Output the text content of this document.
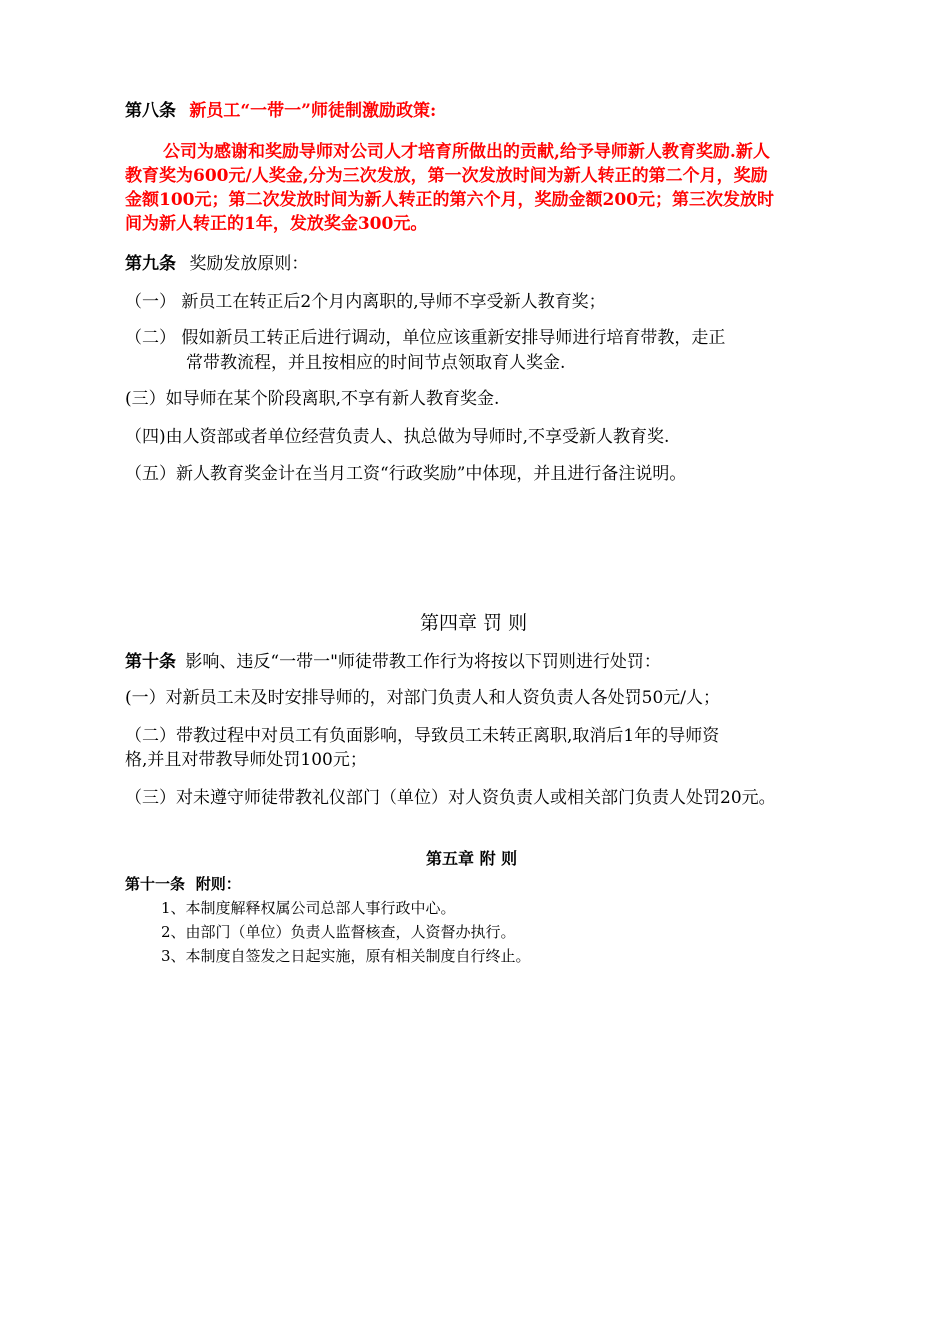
第八条 新员工“一带一”师徒制激励政策:
公司为感谢和奖励导师对公司人才培育所做出的贡献,给予导师新人教育奖励.新人
教育奖为600元/人奖金,分为三次发放，第一次发放时间为新人转正的第二个月，奖励
金额100元；第二次发放时间为新人转正的第六个月，奖励金额200元；第三次发放时
间为新人转正的1年，发放奖金300元。
第九条 奖励发放原则：
（一） 新员工在转正后2个月内离职的,导师不享受新人教育奖；
（二） 假如新员工转正后进行调动，单位应该重新安排导师进行培育带教，走正
常带教流程，并且按相应的时间节点领取育人奖金.
(三）如导师在某个阶段离职,不享有新人教育奖金.
（四)由人资部或者单位经营负责人、执总做为导师时,不享受新人教育奖.
（五）新人教育奖金计在当月工资“行政奖励”中体现，并且进行备注说明。
第四章 罚 则
第十条 影响、违反“一带一"师徒带教工作行为将按以下罚则进行处罚：
(一）对新员工未及时安排导师的，对部门负责人和人资负责人各处罚50元/人；
（二）带教过程中对员工有负面影响，导致员工未转正离职,取消后1年的导师资
格,并且对带教导师处罚100元；
（三）对未遵守师徒带教礼仪部门（单位）对人资负责人或相关部门负责人处罚20元。
第五章 附 则
第十一条 附则：
1、本制度解释权属公司总部人事行政中心。
2、由部门（单位）负责人监督核查，人资督办执行。
3、本制度自签发之日起实施，原有相关制度自行终止。
